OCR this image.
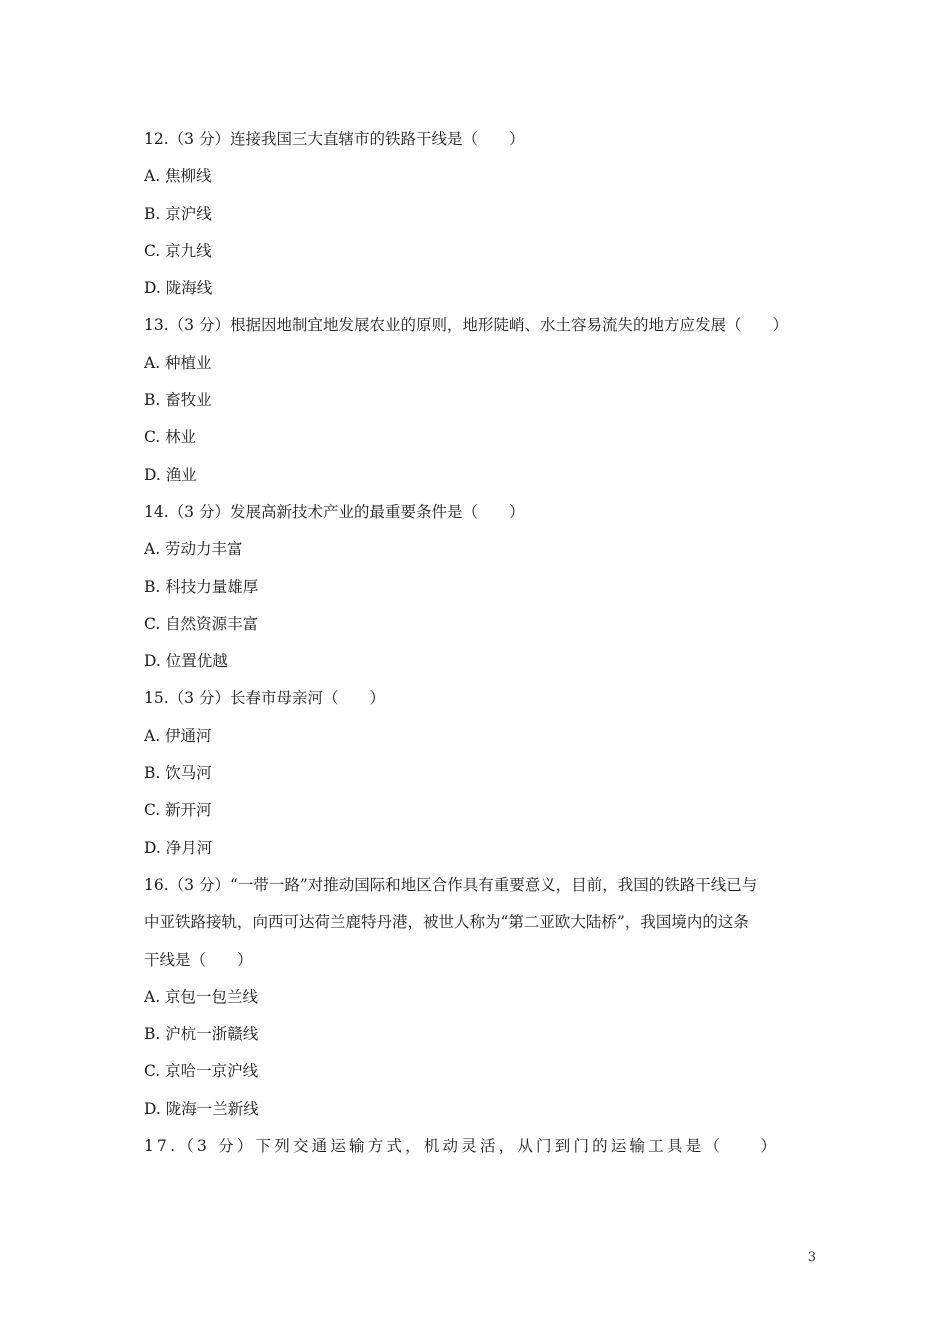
12.（3 分）连接我国三大直辖市的铁路干线是（　　）
A. 焦柳线
B. 京沪线
C. 京九线
D. 陇海线
13.（3 分）根据因地制宜地发展农业的原则，地形陡峭、水土容易流失的地方应发展（　　）
A. 种植业
B. 畜牧业
C. 林业
D. 渔业
14.（3 分）发展高新技术产业的最重要条件是（　　）
A. 劳动力丰富
B. 科技力量雄厚
C. 自然资源丰富
D. 位置优越
15.（3 分）长春市母亲河（　　）
A. 伊通河
B. 饮马河
C. 新开河
D. 净月河
16.（3 分）“一带一路”对推动国际和地区合作具有重要意义，目前，我国的铁路干线已与
中亚铁路接轨，向西可达荷兰鹿特丹港，被世人称为“第二亚欧大陆桥”，我国境内的这条
干线是（　　）
A. 京包一包兰线
B. 沪杭一浙赣线
C. 京哈一京沪线
D. 陇海一兰新线
17.（3 分）下列交通运输方式，机动灵活，从门到门的运输工具是（　　）
3
